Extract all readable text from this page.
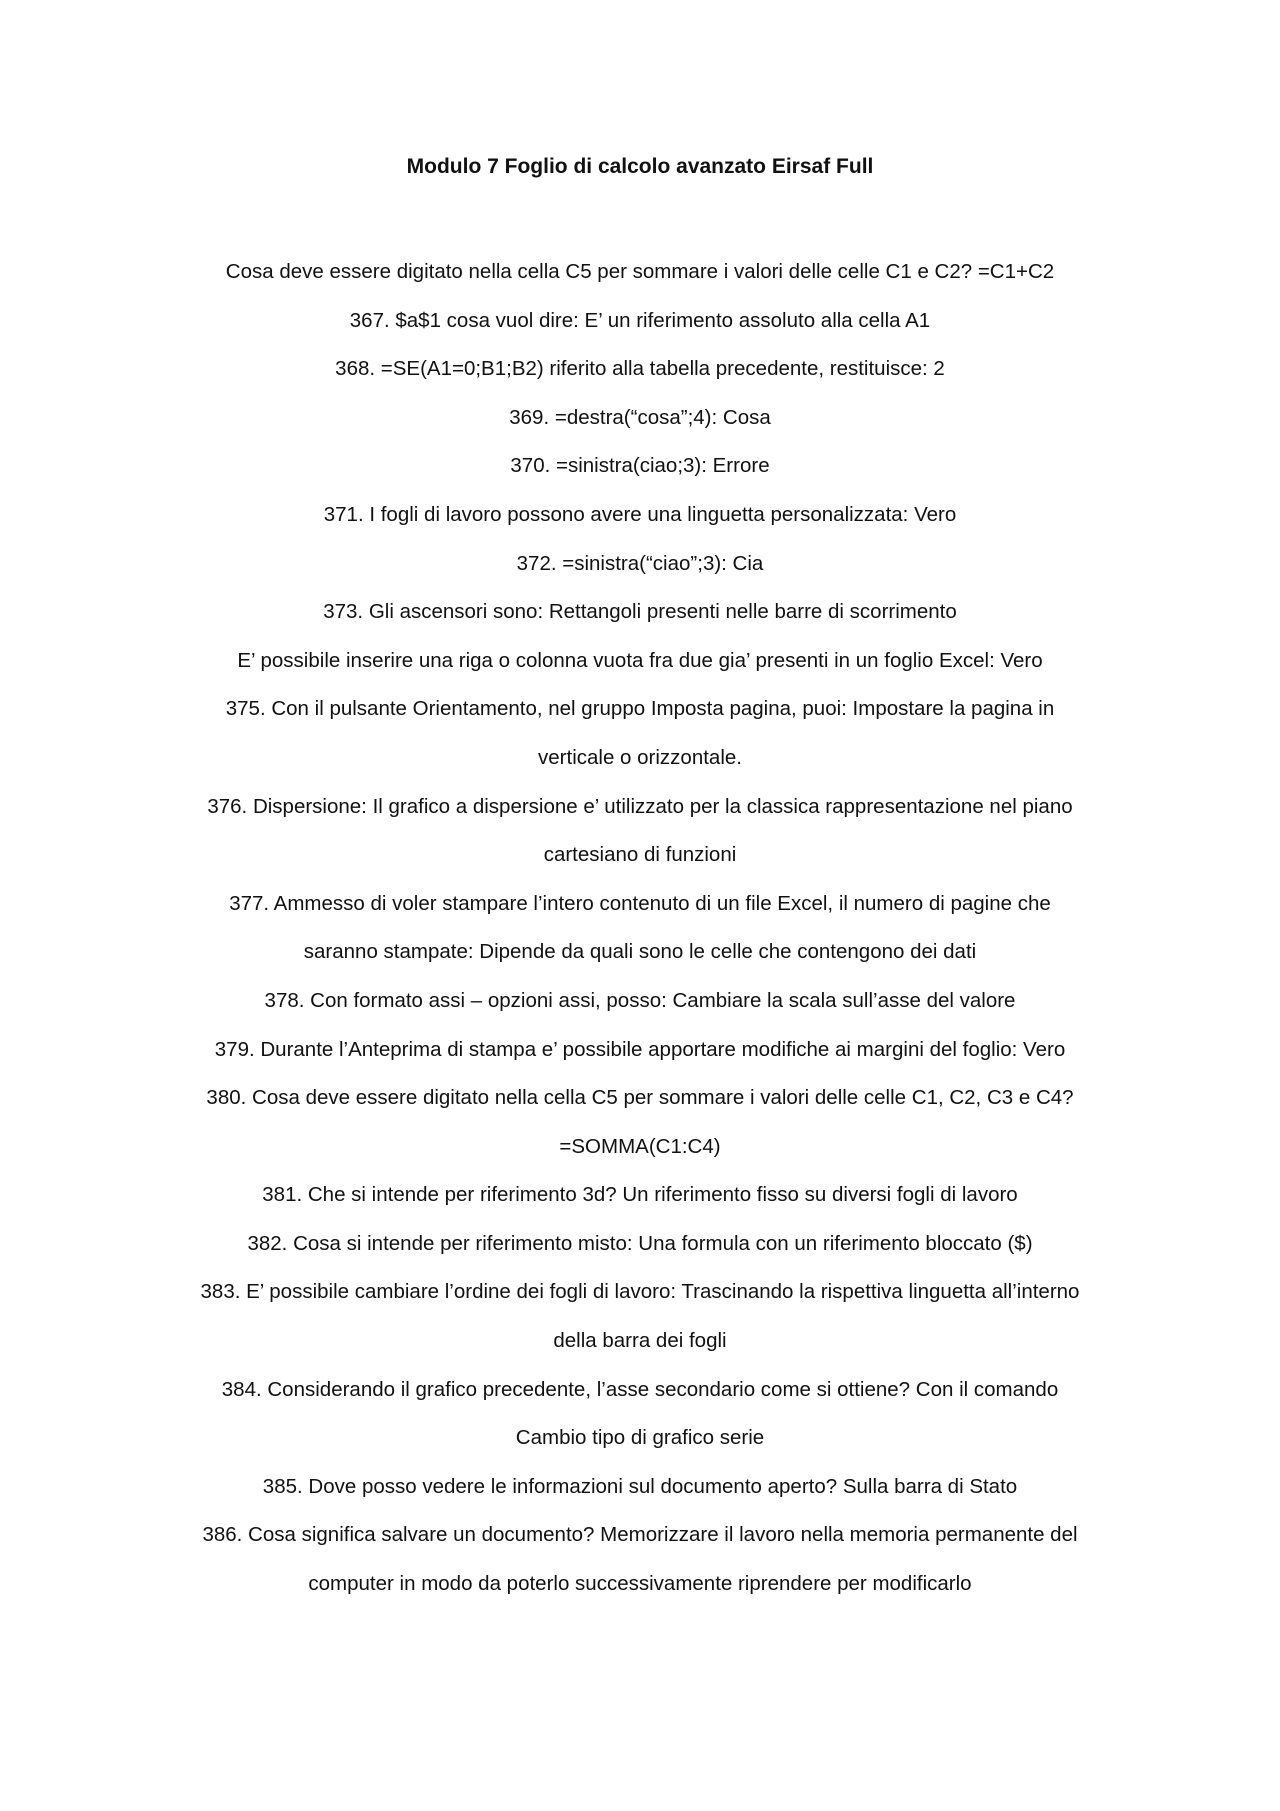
Modulo 7 Foglio di calcolo avanzato Eirsaf Full

Cosa deve essere digitato nella cella C5 per sommare i valori delle celle C1 e C2? =C1+C2

367. $a$1 cosa vuol dire: E’ un riferimento assoluto alla cella A1

368. =SE(A1=0;B1;B2) riferito alla tabella precedente, restituisce: 2

369. =destra(“cosa”;4): Cosa

370. =sinistra(ciao;3): Errore

371. I fogli di lavoro possono avere una linguetta personalizzata: Vero

372. =sinistra(“ciao”;3): Cia

373. Gli ascensori sono: Rettangoli presenti nelle barre di scorrimento

E’ possibile inserire una riga o colonna vuota fra due gia’ presenti in un foglio Excel: Vero

375. Con il pulsante Orientamento, nel gruppo Imposta pagina, puoi: Impostare la pagina in verticale o orizzontale.

376. Dispersione: Il grafico a dispersione e’ utilizzato per la classica rappresentazione nel piano cartesiano di funzioni

377. Ammesso di voler stampare l’intero contenuto di un file Excel, il numero di pagine che saranno stampate: Dipende da quali sono le celle che contengono dei dati

378. Con formato assi – opzioni assi, posso: Cambiare la scala sull’asse del valore

379. Durante l’Anteprima di stampa e’ possibile apportare modifiche ai margini del foglio: Vero

380. Cosa deve essere digitato nella cella C5 per sommare i valori delle celle C1, C2, C3 e C4? =SOMMA(C1:C4)

381. Che si intende per riferimento 3d? Un riferimento fisso su diversi fogli di lavoro

382. Cosa si intende per riferimento misto: Una formula con un riferimento bloccato ($)

383. E’ possibile cambiare l’ordine dei fogli di lavoro: Trascinando la rispettiva linguetta all’interno della barra dei fogli

384. Considerando il grafico precedente, l’asse secondario come si ottiene? Con il comando Cambio tipo di grafico serie

385. Dove posso vedere le informazioni sul documento aperto? Sulla barra di Stato

386. Cosa significa salvare un documento? Memorizzare il lavoro nella memoria permanente del computer in modo da poterlo successivamente riprendere per modificarlo
